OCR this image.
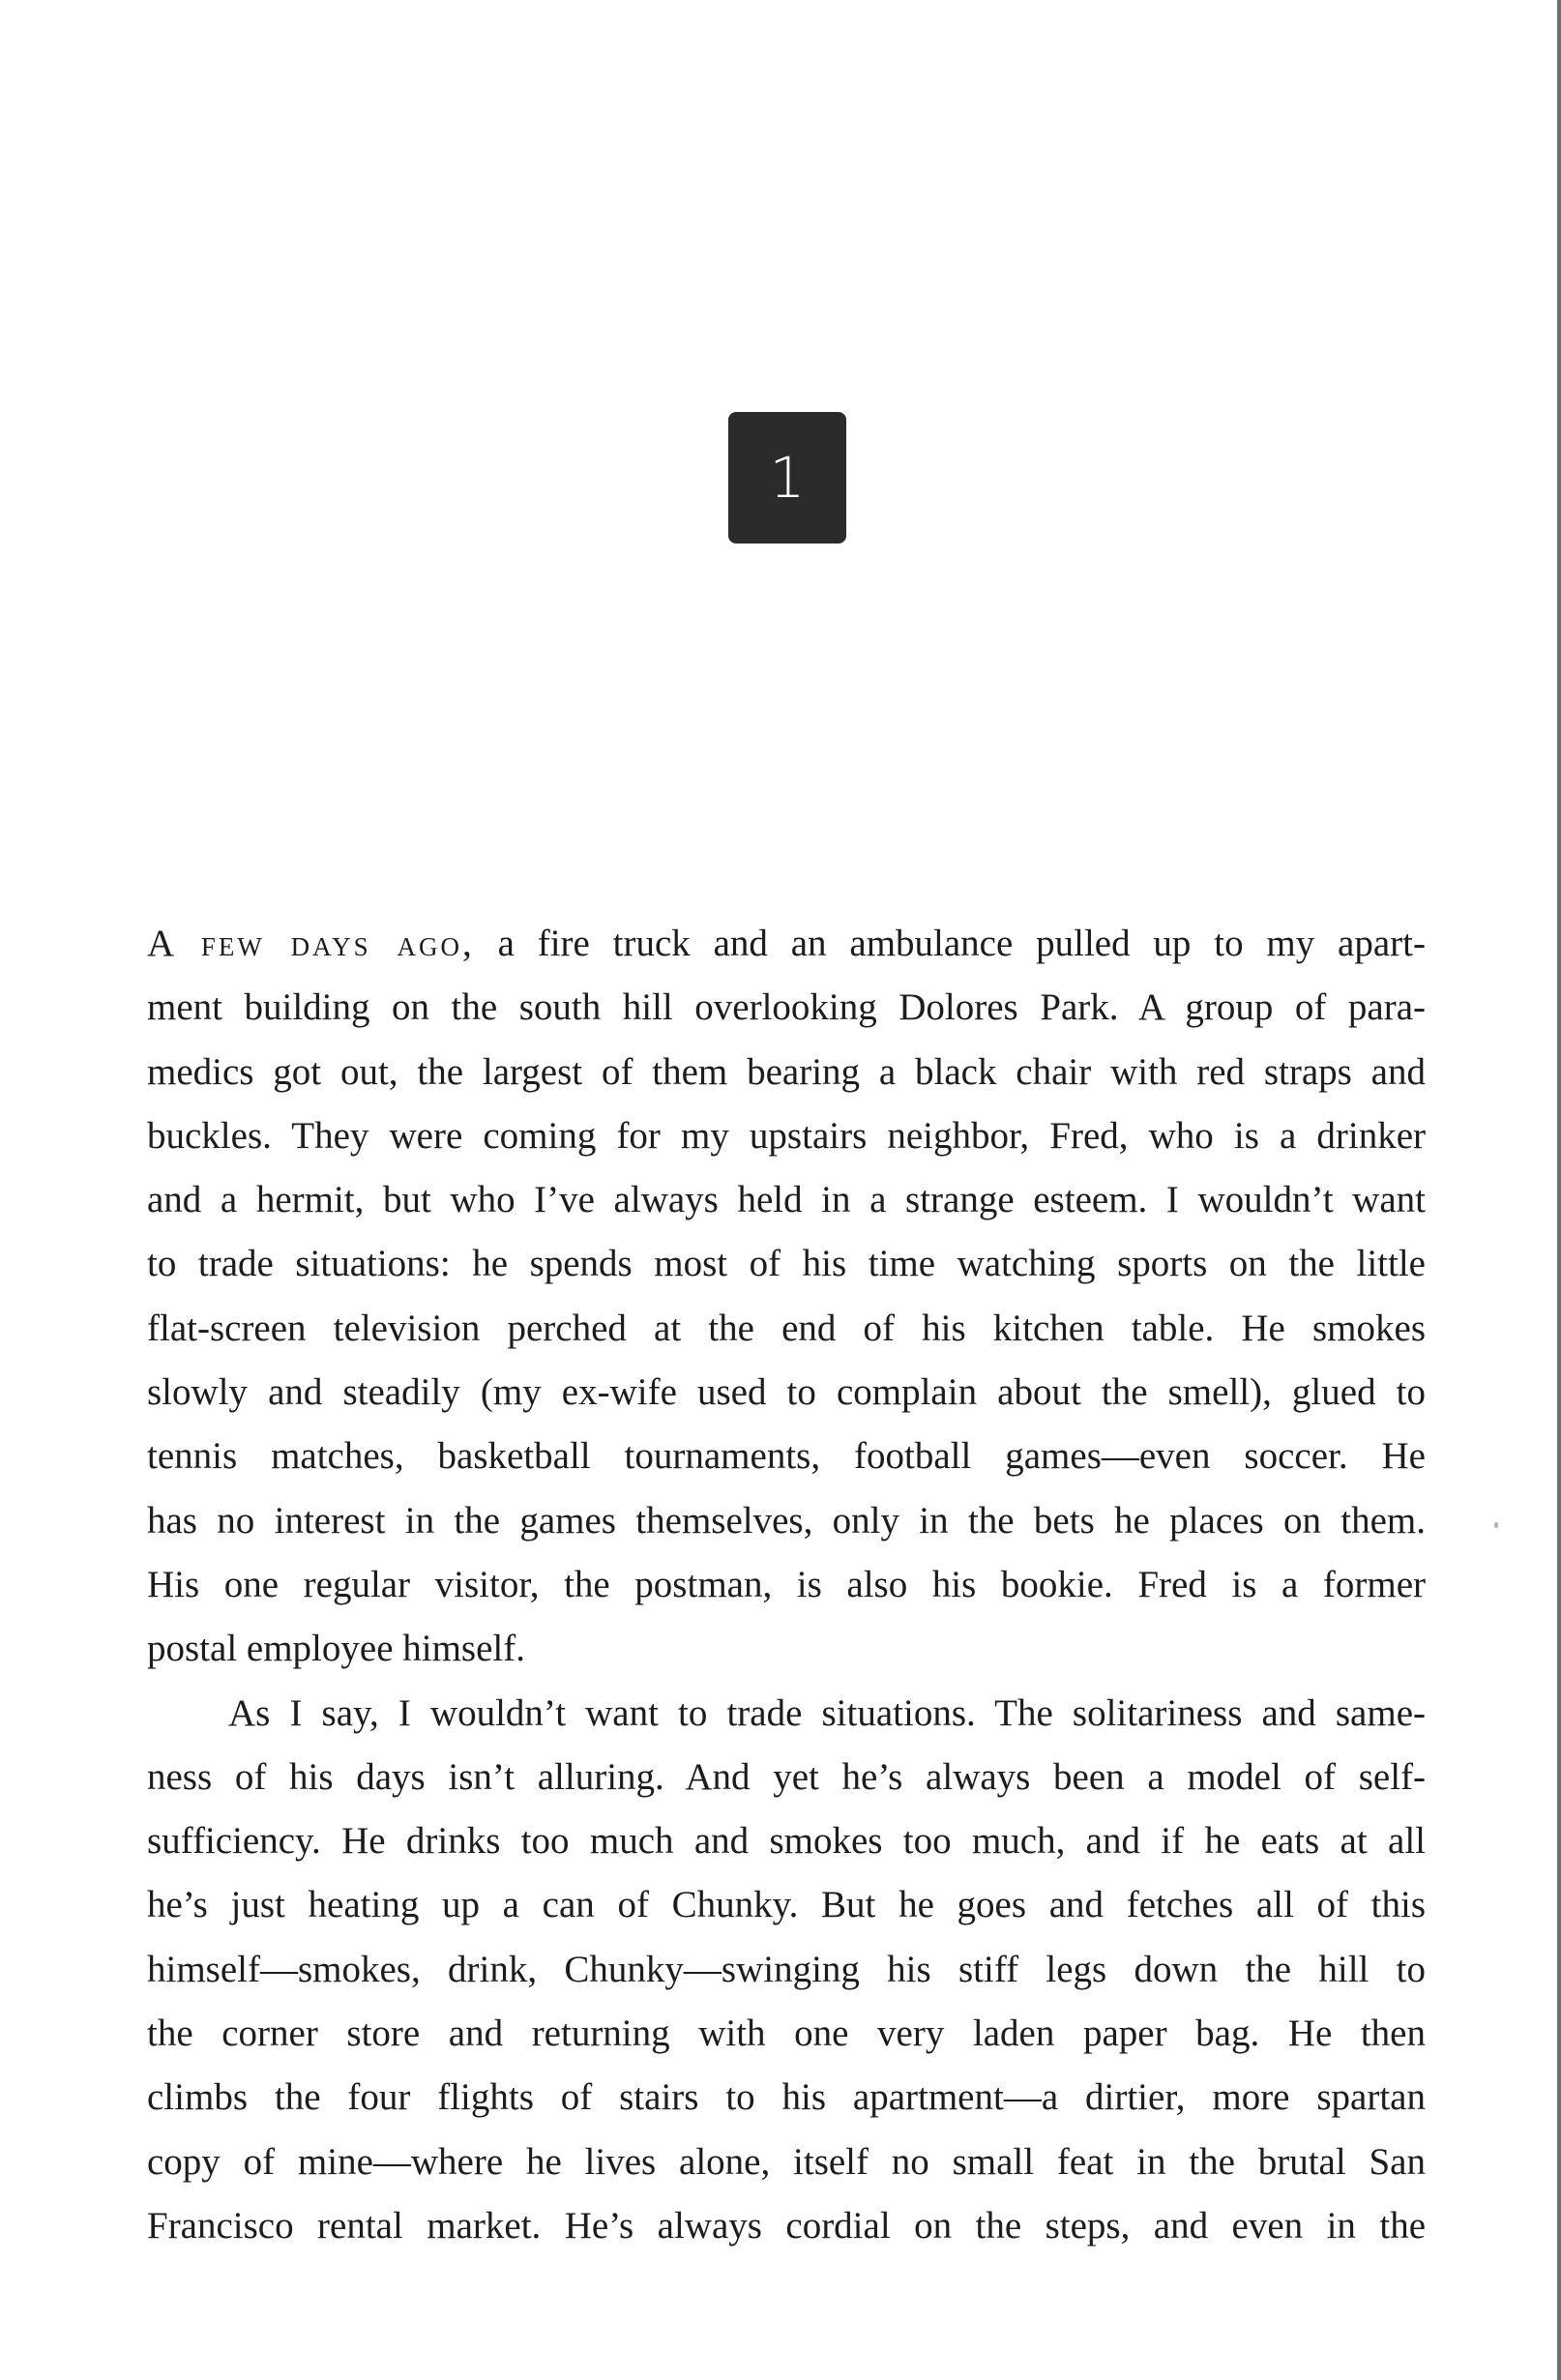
1
A few days ago, a fire truck and an ambulance pulled up to my apart-
ment building on the south hill overlooking Dolores Park. A group of para-
medics got out, the largest of them bearing a black chair with red straps and
buckles. They were coming for my upstairs neighbor, Fred, who is a drinker
and a hermit, but who I’ve always held in a strange esteem. I wouldn’t want
to trade situations: he spends most of his time watching sports on the little
flat-screen television perched at the end of his kitchen table. He smokes
slowly and steadily (my ex-wife used to complain about the smell), glued to
tennis matches, basketball tournaments, football games—even soccer. He
has no interest in the games themselves, only in the bets he places on them.
His one regular visitor, the postman, is also his bookie. Fred is a former
postal employee himself.
As I say, I wouldn’t want to trade situations. The solitariness and same-
ness of his days isn’t alluring. And yet he’s always been a model of self-
sufficiency. He drinks too much and smokes too much, and if he eats at all
he’s just heating up a can of Chunky. But he goes and fetches all of this
himself—smokes, drink, Chunky—swinging his stiff legs down the hill to
the corner store and returning with one very laden paper bag. He then
climbs the four flights of stairs to his apartment—a dirtier, more spartan
copy of mine—where he lives alone, itself no small feat in the brutal San
Francisco rental market. He’s always cordial on the steps, and even in the
